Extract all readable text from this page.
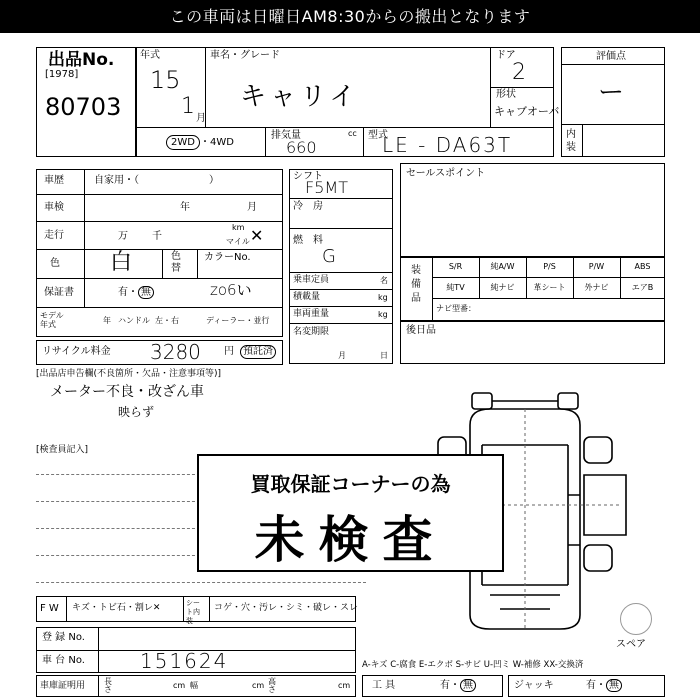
この車両は日曜日AM8:30からの搬出となります
出品No.
[1978]
80703
年式
15
1 月
車名・グレード
キャリイ
ドア
2
形状
キャブオーバ
2WD ・4WD
排気量
660
cc 型式
LE - DA63T
評価点
ー
内装
車歴	自家用・（　　　　　　　）
車検	年	月
走行	万 千
km
マイル ✕
色 白	色替
カラーNo.
保証書	有・ 無	zo6い
モデル
年式	年 ハンドル 左・右	ディーラー・並行
リサイクル料金 3280 円 預託済
シフト
F5MT
冷　房
燃　料
G
乗車定員	名
積載量	kg
車両重量	kg
名変期限
月	日
セールスポイント
装備品
S/R	純A/W	P/S	P/W	ABS
純TV	純ナビ	革シート	外ナビ	エアB
ナビ型番：
後日品
[出品店申告欄(不良箇所・欠品・注意事項等)]
メーター不良・改ざん車
映らず
[検査員記入]
買取保証コーナーの為
未検査
スペア
F W キズ・トビ石・割レ✕	シート内装
コゲ・穴・汚レ・シミ・破レ・スレ
登 録 No.
車 台 No.	151624
車庫証明用 長さ	cm 幅	cm 高さ	cm
A-キズ C-腐食 E-エクボ S-サビ U-凹ミ W-補修 XX-交換済
工 具	有・ 無	ジャッキ	有・ 無
